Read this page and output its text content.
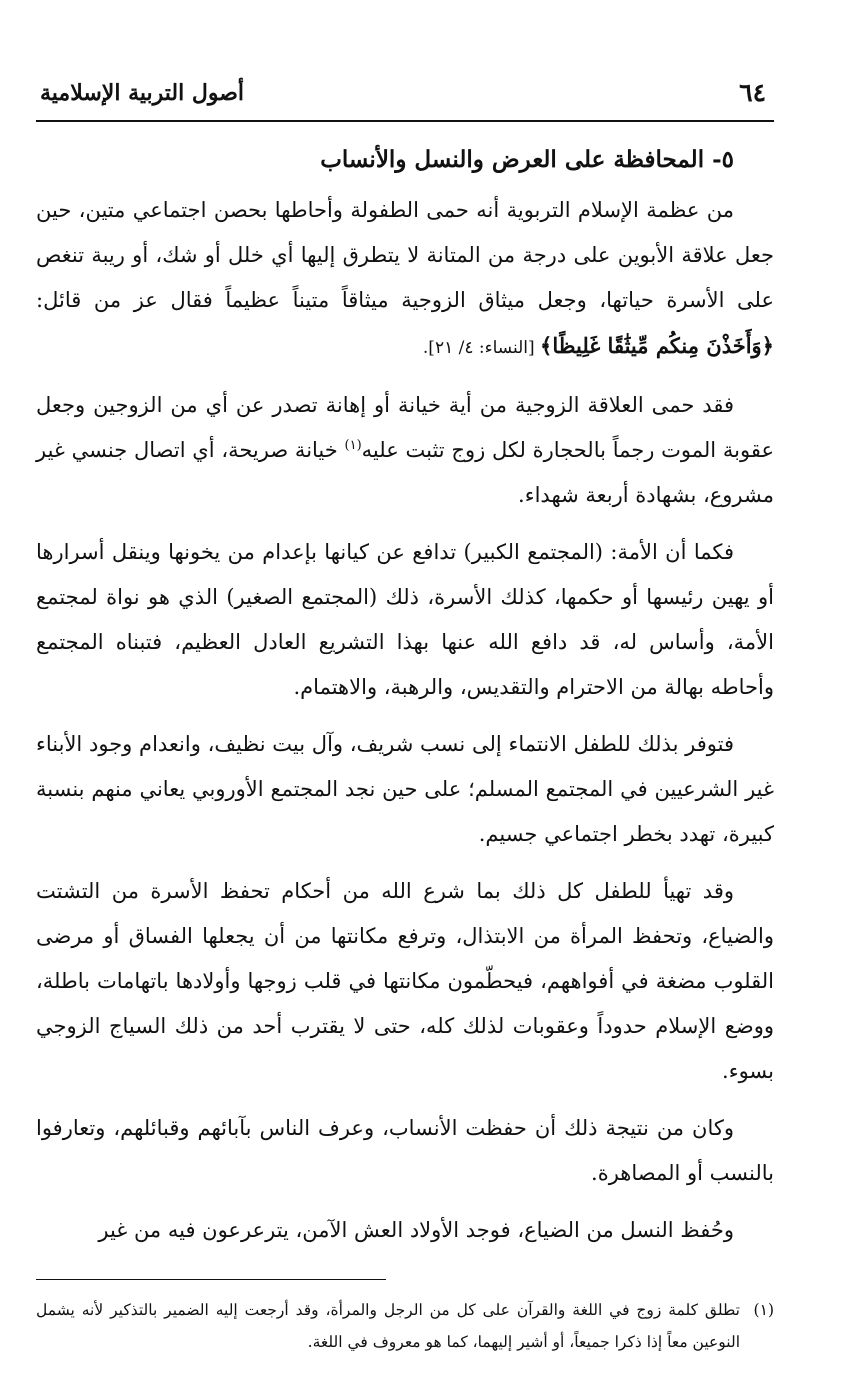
٦٤
أصول التربية الإسلامية
٥- المحافظة على العرض والنسل والأنساب

من عظمة الإسلام التربوية أنه حمى الطفولة وأحاطها بحصن اجتماعي متين، حين جعل علاقة الأبوين على درجة من المتانة لا يتطرق إليها أي خلل أو شك، أو ريبة تنغص على الأسرة حياتها، وجعل ميثاق الزوجية ميثاقاً متيناً عظيماً فقال عز من قائل: ﴿وَأَخَذْنَ مِنكُم مِّيثَٰقًا غَلِيظًا﴾ [النساء: ٤/ ٢١].

فقد حمى العلاقة الزوجية من أية خيانة أو إهانة تصدر عن أي من الزوجين وجعل عقوبة الموت رجماً بالحجارة لكل زوج تثبت عليه$^{(١)}$ خيانة صريحة، أي اتصال جنسي غير مشروع، بشهادة أربعة شهداء.

فكما أن الأمة: (المجتمع الكبير) تدافع عن كيانها بإعدام من يخونها وينقل أسرارها أو يهين رئيسها أو حكمها، كذلك الأسرة، ذلك (المجتمع الصغير) الذي هو نواة لمجتمع الأمة، وأساس له، قد دافع الله عنها بهذا التشريع العادل العظيم، فتبناه المجتمع وأحاطه بهالة من الاحترام والتقديس، والرهبة، والاهتمام.

فتوفر بذلك للطفل الانتماء إلى نسب شريف، وآل بيت نظيف، وانعدام وجود الأبناء غير الشرعيين في المجتمع المسلم؛ على حين نجد المجتمع الأوروبي يعاني منهم بنسبة كبيرة، تهدد بخطر اجتماعي جسيم.

وقد تهيأ للطفل كل ذلك بما شرع الله من أحكام تحفظ الأسرة من التشتت والضياع، وتحفظ المرأة من الابتذال، وترفع مكانتها من أن يجعلها الفساق أو مرضى القلوب مضغة في أفواههم، فيحطّمون مكانتها في قلب زوجها وأولادها باتهامات باطلة، ووضع الإسلام حدوداً وعقوبات لذلك كله، حتى لا يقترب أحد من ذلك السياج الزوجي بسوء.

وكان من نتيجة ذلك أن حفظت الأنساب، وعرف الناس بآبائهم وقبائلهم، وتعارفوا بالنسب أو المصاهرة.

وحُفظ النسل من الضياع، فوجد الأولاد العش الآمن، يترعرعون فيه من غير

(١)
تطلق كلمة زوج في اللغة والقرآن على كل من الرجل والمرأة، وقد أرجعت إليه الضمير بالتذكير لأنه يشمل النوعين معاً إذا ذكرا جميعاً، أو أشير إليهما، كما هو معروف في اللغة.
